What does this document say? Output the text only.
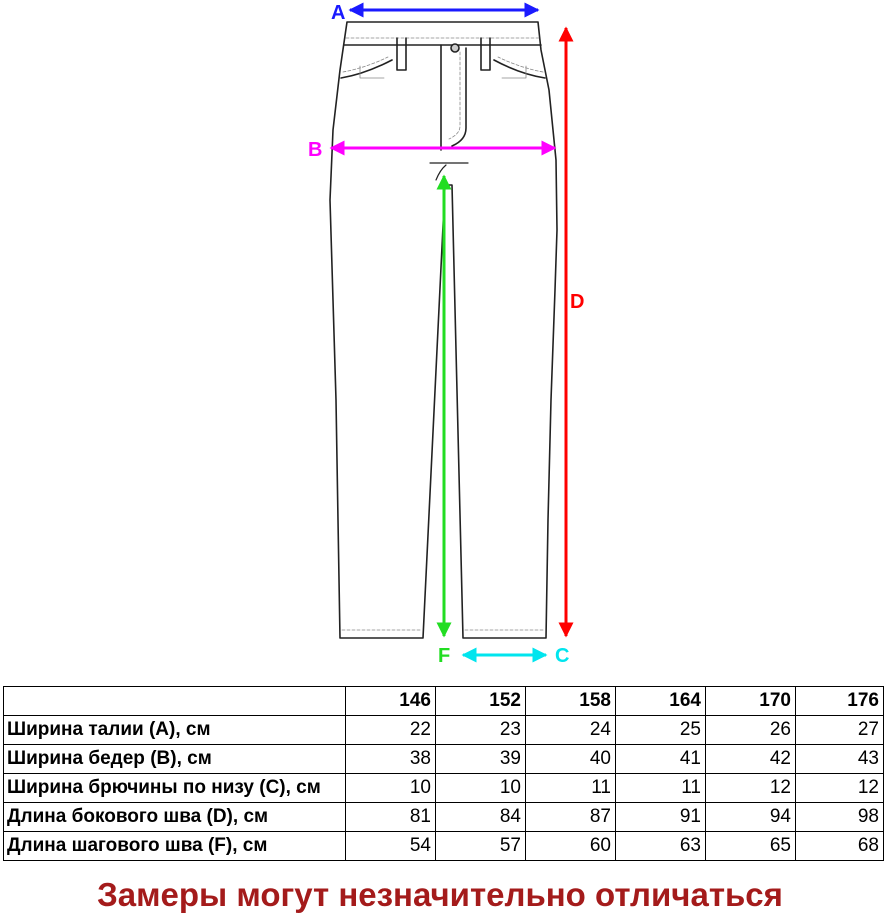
A
B
D
F	C
	146	152	158	164	170	176
Ширина талии (А), см	22	23	24	25	26	27
Ширина бедер (В), см	38	39	40	41	42	43
Ширина брючины по низу (С), см	10	10	11	11	12	12
Длина бокового шва (D), см	81	84	87	91	94	98
Длина шагового шва (F), см	54	57	60	63	65	68
Замеры могут незначительно отличаться
